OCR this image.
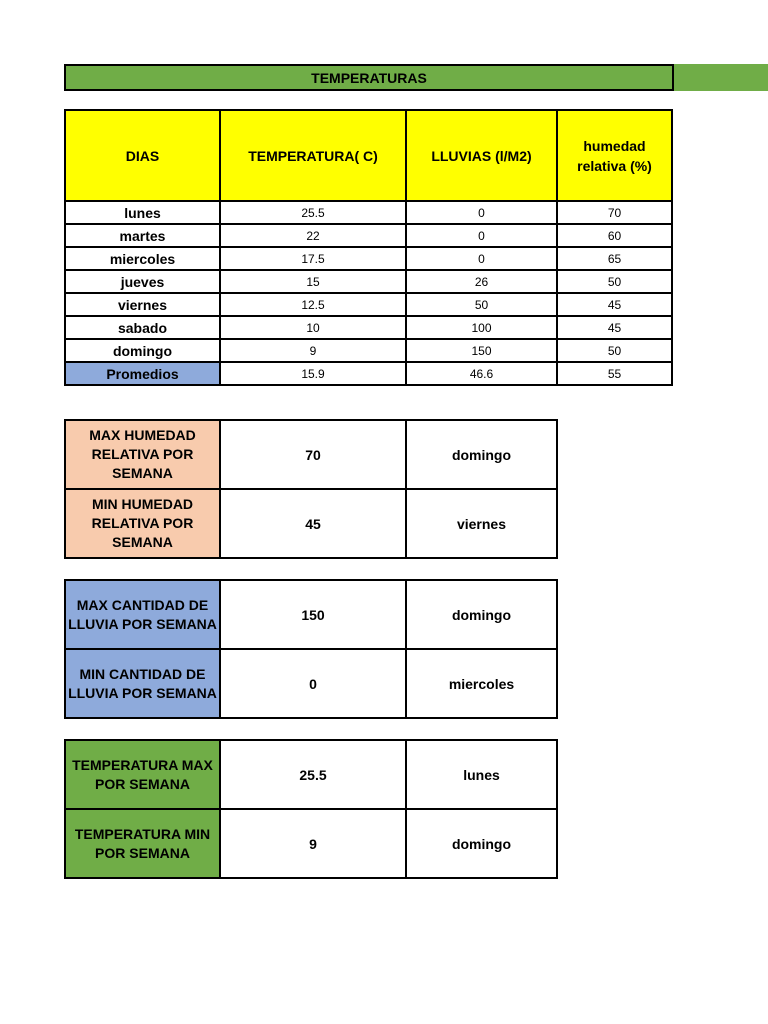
TEMPERATURAS
DIAS	TEMPERATURA( C)	LLUVIAS (l/M2)	humedad relativa (%)
lunes	25.5	0	70
martes	22	0	60
miercoles	17.5	0	65
jueves	15	26	50
viernes	12.5	50	45
sabado	10	100	45
domingo	9	150	50
Promedios	15.9	46.6	55
MAX HUMEDAD RELATIVA POR SEMANA	70	domingo
MIN HUMEDAD RELATIVA POR SEMANA	45	viernes
MAX CANTIDAD DE LLUVIA POR SEMANA	150	domingo
MIN CANTIDAD DE LLUVIA POR SEMANA	0	miercoles
TEMPERATURA MAX POR SEMANA	25.5	lunes
TEMPERATURA MIN POR SEMANA	9	domingo
